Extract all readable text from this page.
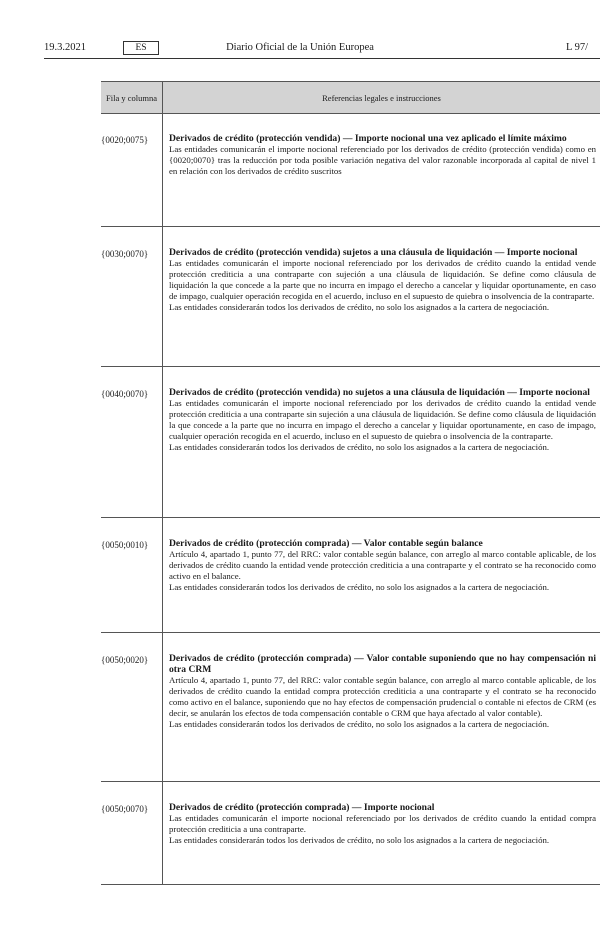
19.3.2021	ES	Diario Oficial de la Unión Europea	L 97/
Fila y columna	Referencias legales e instrucciones
{0020;0075}	Derivados de crédito (protección vendida) — Importe nocional una vez aplicado el límite máximo

Las entidades comunicarán el importe nocional referenciado por los derivados de crédito (protección vendida) como en {0020;0070} tras la reducción por toda posible variación negativa del valor razonable incorporada al capital de nivel 1 en relación con los derivados de crédito suscritos

{0030;0070}	Derivados de crédito (protección vendida) sujetos a una cláusula de liquidación — Importe nocional

Las entidades comunicarán el importe nocional referenciado por los derivados de crédito cuando la entidad vende protección crediticia a una contraparte con sujeción a una cláusula de liquidación. Se define como cláusula de liquidación la que concede a la parte que no incurra en impago el derecho a cancelar y liquidar oportunamente, en caso de impago, cualquier operación recogida en el acuerdo, incluso en el supuesto de quiebra o insolvencia de la contraparte.

Las entidades considerarán todos los derivados de crédito, no solo los asignados a la cartera de negociación.

{0040;0070}	Derivados de crédito (protección vendida) no sujetos a una cláusula de liquidación — Importe nocional

Las entidades comunicarán el importe nocional referenciado por los derivados de crédito cuando la entidad vende protección crediticia a una contraparte sin sujeción a una cláusula de liquidación. Se define como cláusula de liquidación la que concede a la parte que no incurra en impago el derecho a cancelar y liquidar oportunamente, en caso de impago, cualquier operación recogida en el acuerdo, incluso en el supuesto de quiebra o insolvencia de la contraparte.

Las entidades considerarán todos los derivados de crédito, no solo los asignados a la cartera de negociación.

{0050;0010}	Derivados de crédito (protección comprada) — Valor contable según balance

Artículo 4, apartado 1, punto 77, del RRC: valor contable según balance, con arreglo al marco contable aplicable, de los derivados de crédito cuando la entidad vende protección crediticia a una contraparte y el contrato se ha reconocido como activo en el balance.

Las entidades considerarán todos los derivados de crédito, no solo los asignados a la cartera de negociación.

{0050;0020}	Derivados de crédito (protección comprada) — Valor contable suponiendo que no hay compensación ni otra CRM

Artículo 4, apartado 1, punto 77, del RRC: valor contable según balance, con arreglo al marco contable aplicable, de los derivados de crédito cuando la entidad compra protección crediticia a una contraparte y el contrato se ha reconocido como activo en el balance, suponiendo que no hay efectos de compensación prudencial o contable ni efectos de CRM (es decir, se anularán los efectos de toda compensación contable o CRM que haya afectado al valor contable).

Las entidades considerarán todos los derivados de crédito, no solo los asignados a la cartera de negociación.

{0050;0070}	Derivados de crédito (protección comprada) — Importe nocional

Las entidades comunicarán el importe nocional referenciado por los derivados de crédito cuando la entidad compra protección crediticia a una contraparte.

Las entidades considerarán todos los derivados de crédito, no solo los asignados a la cartera de negociación.
